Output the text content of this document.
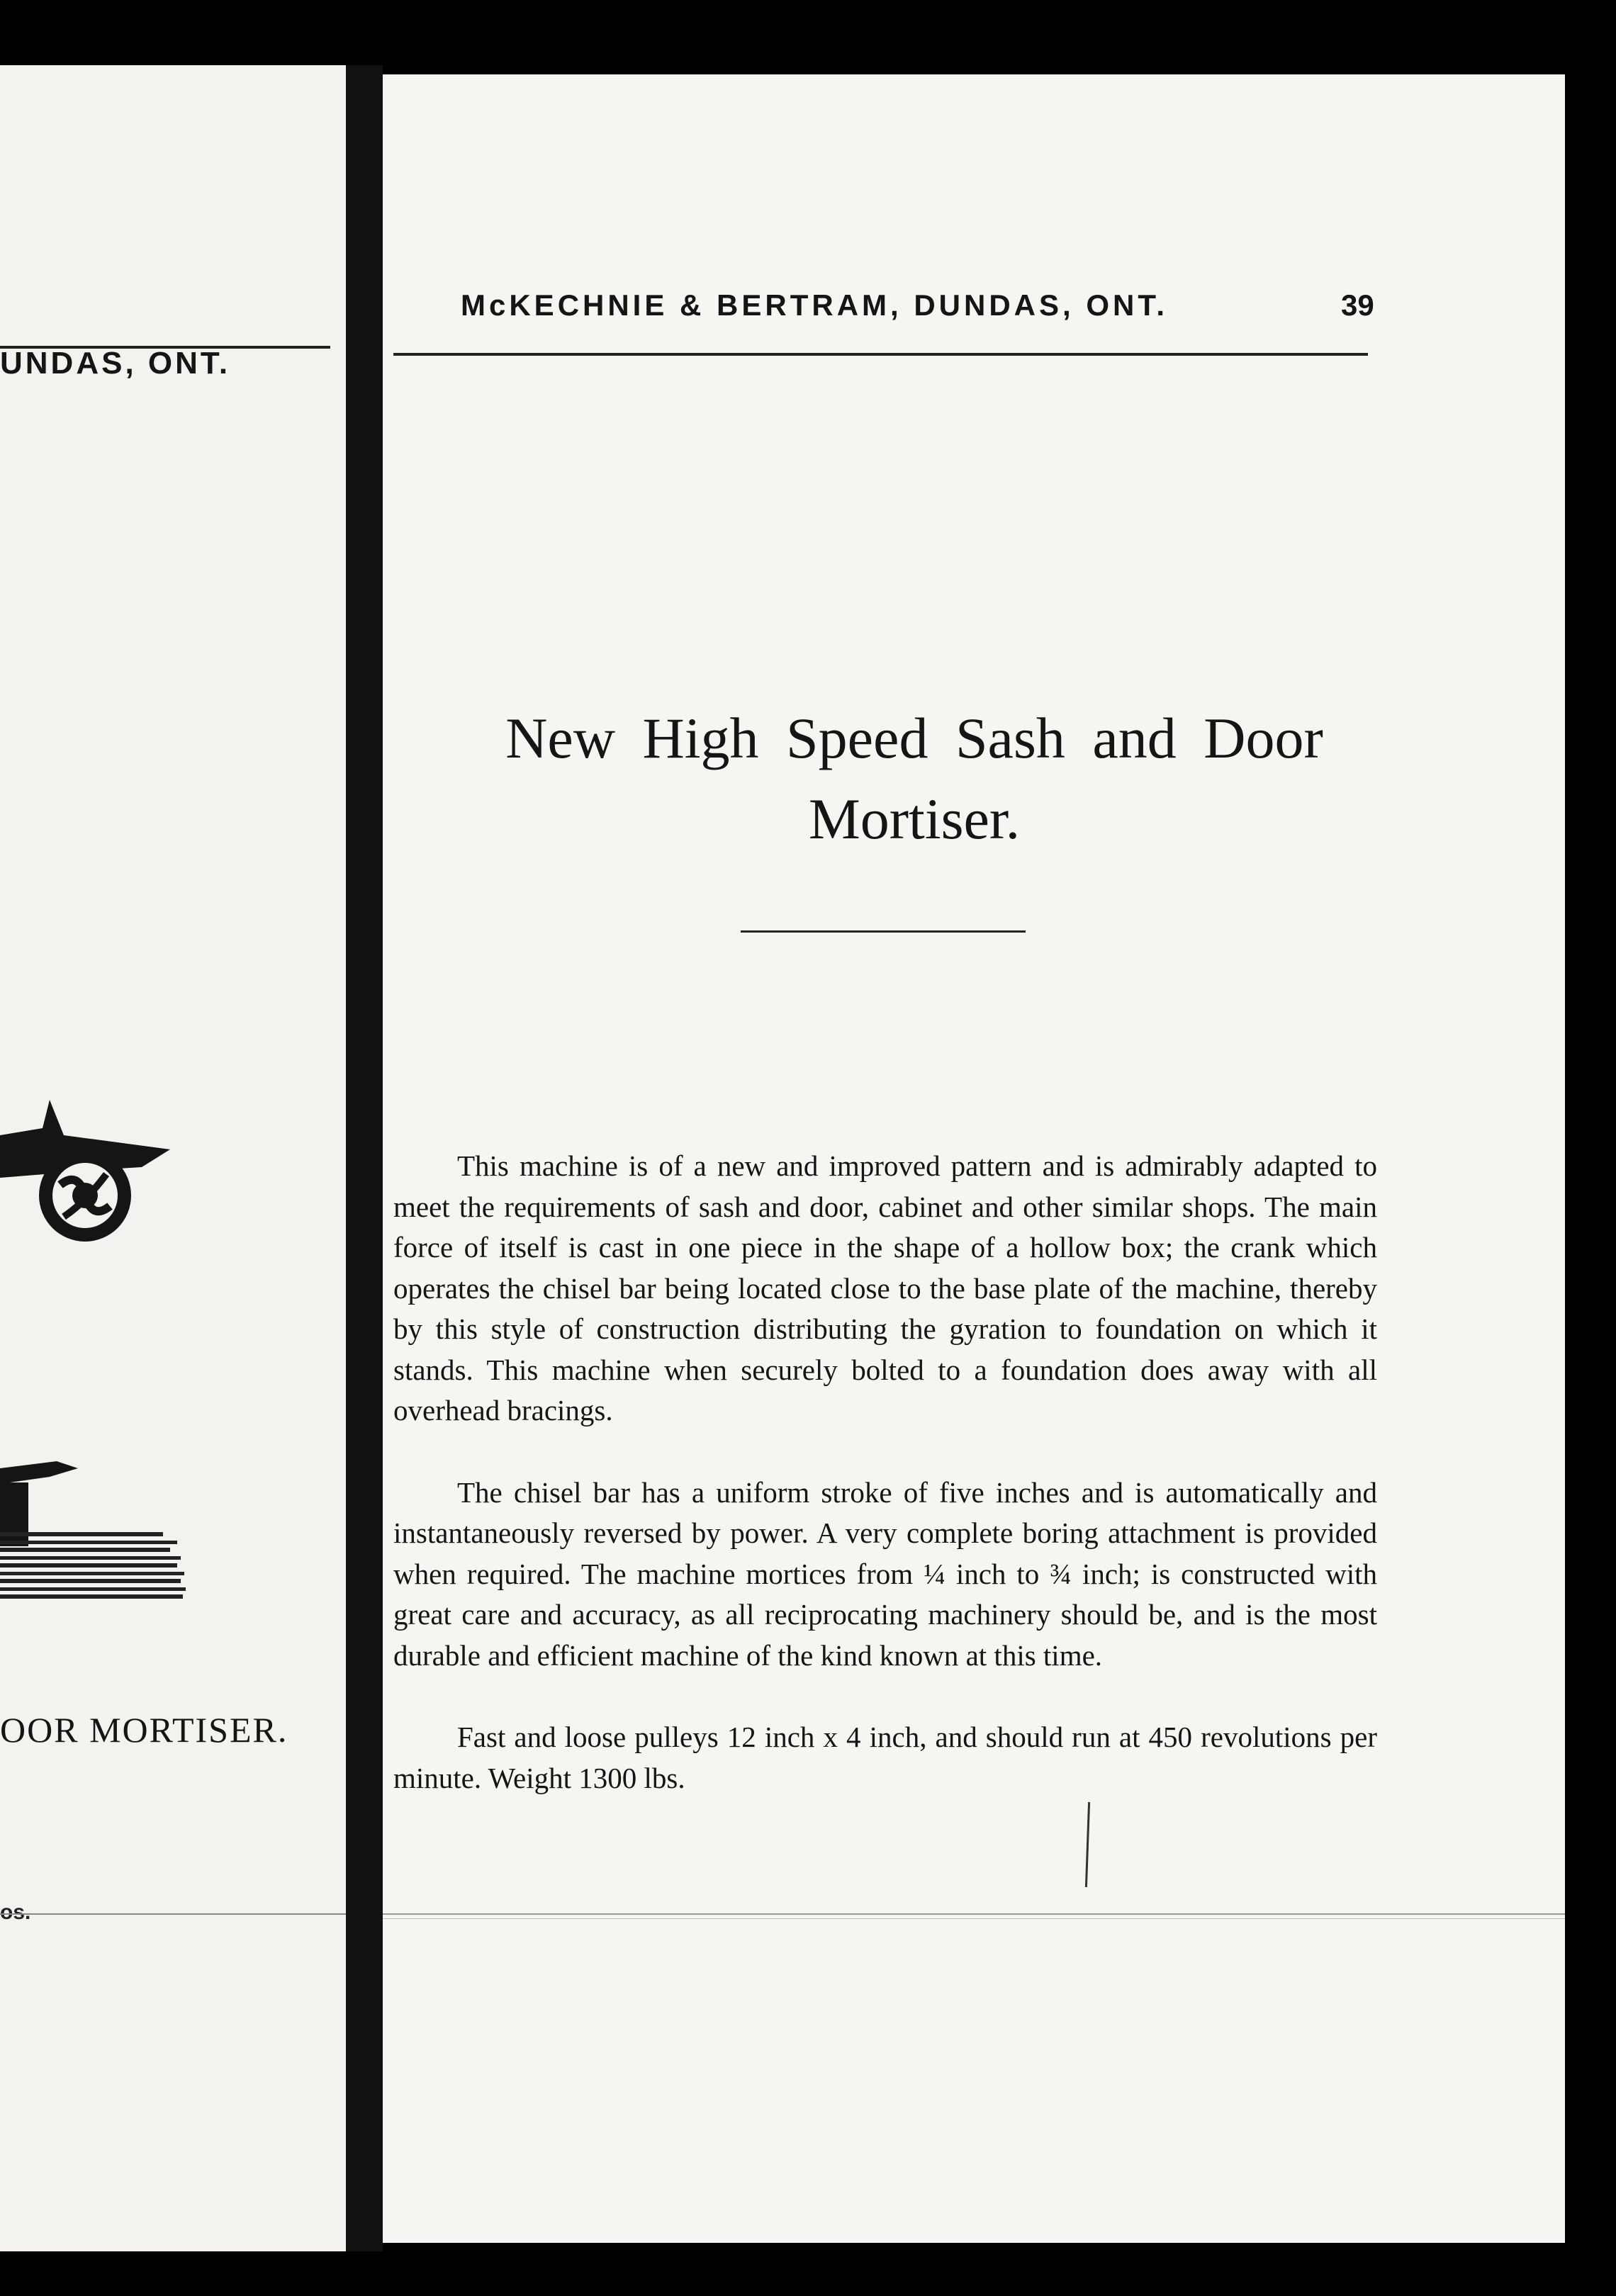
UNDAS, ONT.
OOR MORTISER.
os.
McKECHNIE & BERTRAM, DUNDAS, ONT.	39
New High Speed Sash and Door
Mortiser.

This machine is of a new and improved pattern and is admirably adapted to meet the requirements of sash and door, cabinet and other similar shops. The main force of itself is cast in one piece in the shape of a hollow box; the crank which operates the chisel bar being located close to the base plate of the machine, thereby by this style of construction distributing the gyration to foundation on which it stands. This machine when securely bolted to a foundation does away with all overhead bracings.

The chisel bar has a uniform stroke of five inches and is automatically and instantaneously reversed by power. A very complete boring attachment is provided when required. The machine mortices from ¼ inch to ¾ inch; is constructed with great care and accuracy, as all reciprocating machinery should be, and is the most durable and efficient machine of the kind known at this time.

Fast and loose pulleys 12 inch x 4 inch, and should run at 450 revolutions per minute. Weight 1300 lbs.
